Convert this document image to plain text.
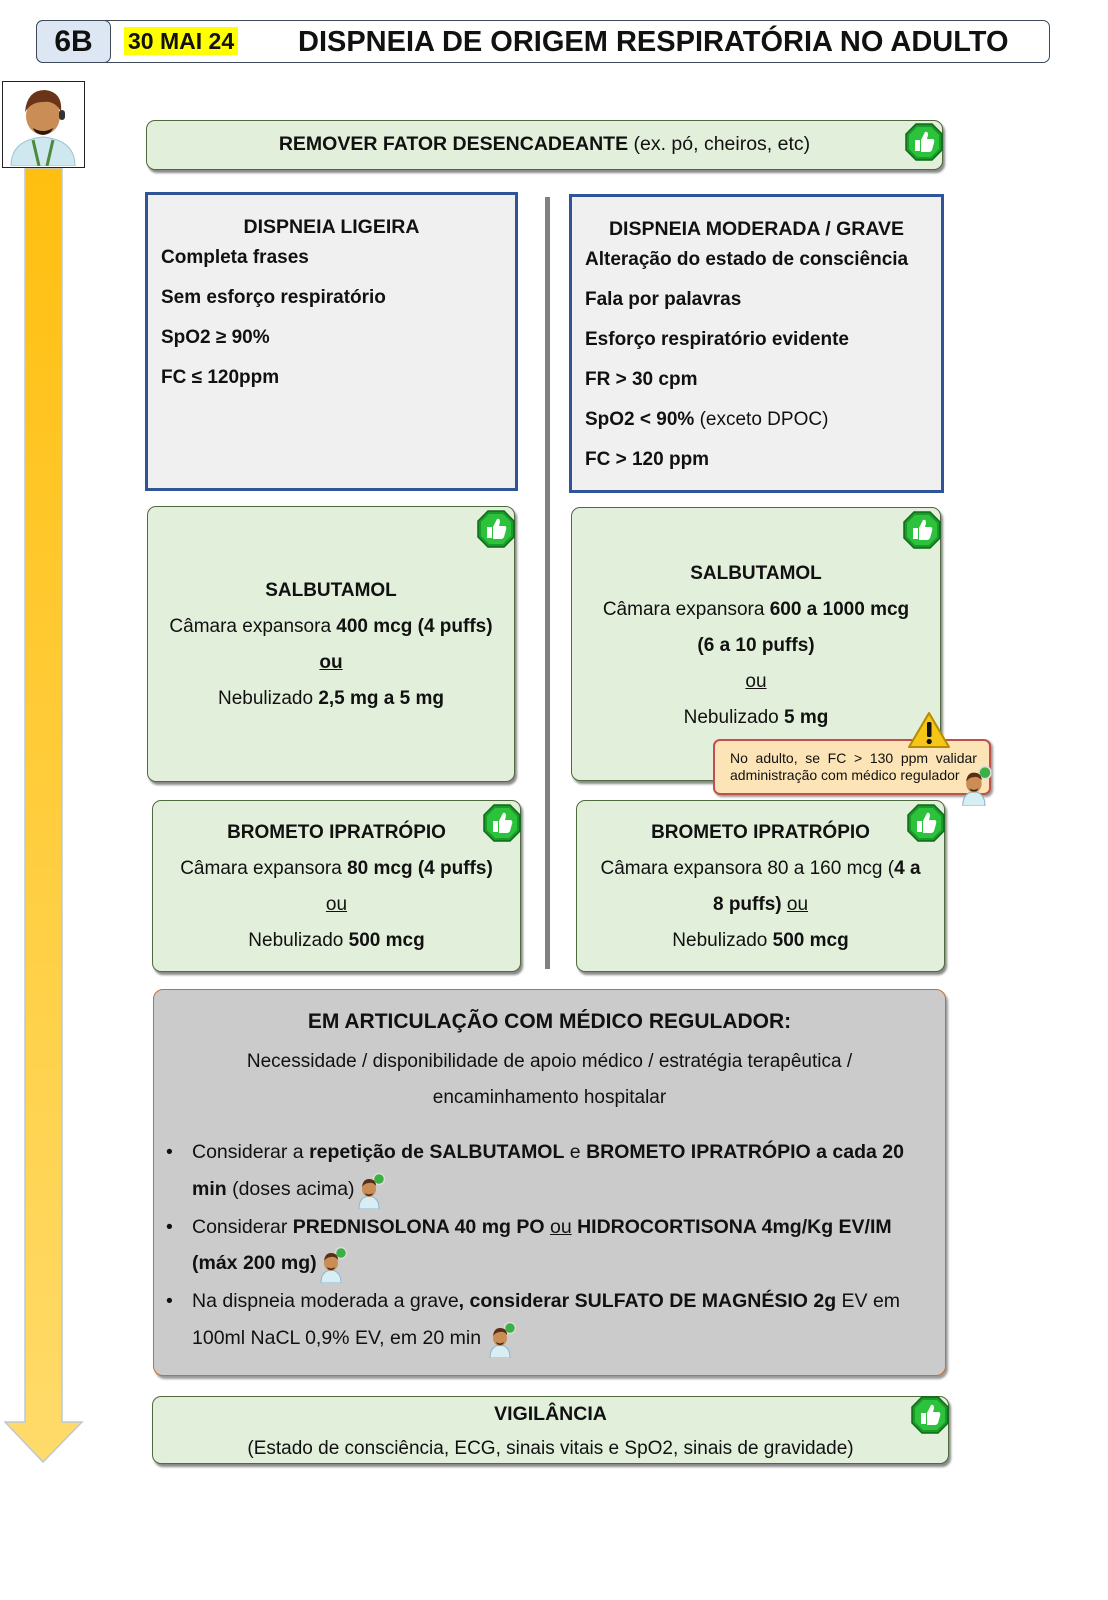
6B	30 MAI 24 DISPNEIA DE ORIGEM RESPIRATÓRIA NO ADULTO
REMOVER FATOR DESENCADEANTE (ex. pó, cheiros, etc)
DISPNEIA LIGEIRA
Completa frases
Sem esforço respiratório
SpO2 ≥ 90%
FC ≤ 120ppm
DISPNEIA MODERADA / GRAVE
Alteração do estado de consciência
Fala por palavras
Esforço respiratório evidente
FR > 30 cpm
SpO2 < 90% (exceto DPOC)
FC > 120 ppm
SALBUTAMOL
Câmara expansora 400 mcg (4 puffs)
ou
Nebulizado 2,5 mg a 5 mg
SALBUTAMOL
Câmara expansora 600 a 1000 mcg
(6 a 10 puffs)
ou
Nebulizado 5 mg
No adulto, se FC > 130 ppm validar
administração com médico regulador
BROMETO IPRATRÓPIO
Câmara expansora 80 mcg (4 puffs)
ou
Nebulizado 500 mcg
BROMETO IPRATRÓPIO
Câmara expansora 80 a 160 mcg (4 a
8 puffs) ou
Nebulizado 500 mcg
EM ARTICULAÇÃO COM MÉDICO REGULADOR:
Necessidade / disponibilidade de apoio médico / estratégia terapêutica /
encaminhamento hospitalar
• Considerar a repetição de SALBUTAMOL e BROMETO IPRATRÓPIO a cada 20
min (doses acima)
• Considerar PREDNISOLONA 40 mg PO ou HIDROCORTISONA 4mg/Kg EV/IM
(máx 200 mg)
• Na dispneia moderada a grave, considerar SULFATO DE MAGNÉSIO 2g EV em
100ml NaCL 0,9% EV, em 20 min
VIGILÂNCIA
(Estado de consciência, ECG, sinais vitais e SpO2, sinais de gravidade)
